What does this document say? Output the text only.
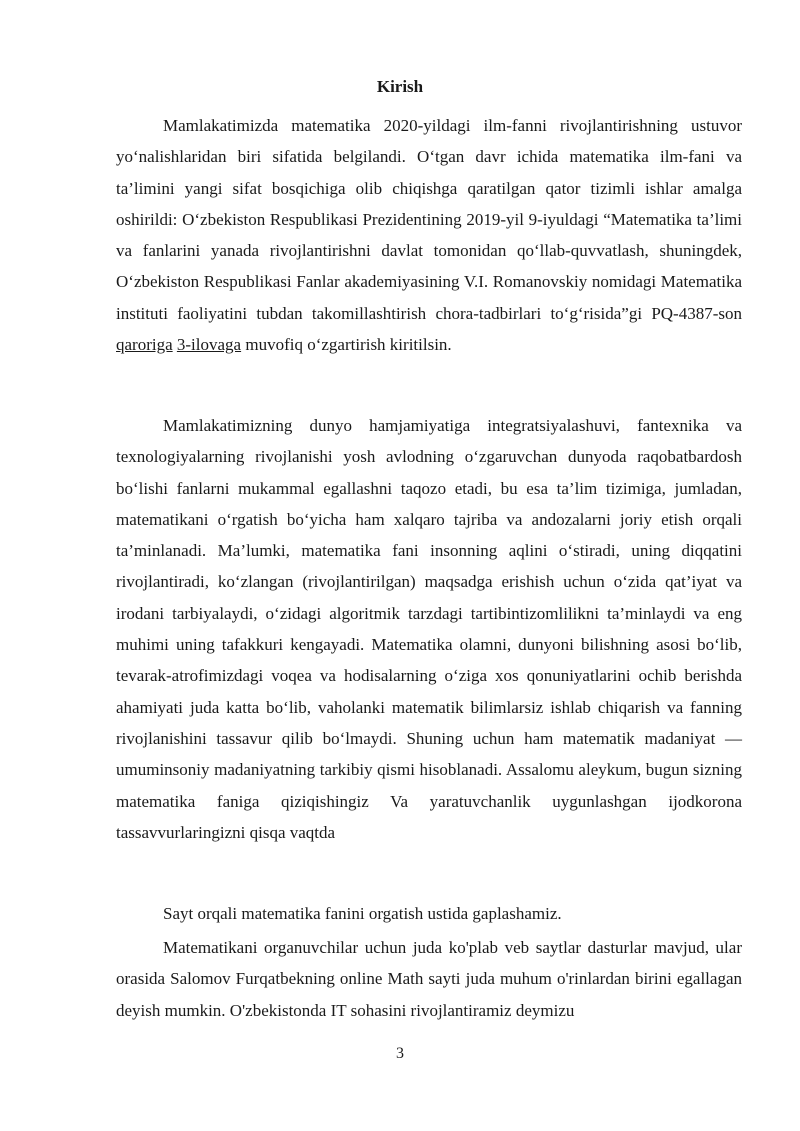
Kirish

Mamlakatimizda matematika 2020-yildagi ilm-fanni rivojlantirishning ustuvor yo‘nalishlaridan biri sifatida belgilandi. O‘tgan davr ichida matematika ilm-fani va ta’limini yangi sifat bosqichiga olib chiqishga qaratilgan qator tizimli ishlar amalga oshirildi: O‘zbekiston Respublikasi Prezidentining 2019-yil 9-iyuldagi “Matematika ta’limi va fanlarini yanada rivojlantirishni davlat tomonidan qo‘llab-quvvatlash, shuningdek, O‘zbekiston Respublikasi Fanlar akademiyasining V.I. Romanovskiy nomidagi Matematika instituti faoliyatini tubdan takomillashtirish chora-tadbirlari to‘g‘risida”gi PQ-4387-son qaroriga 3-ilovaga muvofiq o‘zgartirish kiritilsin.

Mamlakatimizning dunyo hamjamiyatiga integratsiyalashuvi, fantexnika va texnologiyalarning rivojlanishi yosh avlodning o‘zgaruvchan dunyoda raqobatbardosh bo‘lishi fanlarni mukammal egallashni taqozo etadi, bu esa ta’lim tizimiga, jumladan, matematikani o‘rgatish bo‘yicha ham xalqaro tajriba va andozalarni joriy etish orqali ta’minlanadi. Ma’lumki, matematika fani insonning aqlini o‘stiradi, uning diqqatini rivojlantiradi, ko‘zlangan (rivojlantirilgan) maqsadga erishish uchun o‘zida qat’iyat va irodani tarbiyalaydi, o‘zidagi algoritmik tarzdagi tartibintizomlilikni ta’minlaydi va eng muhimi uning tafakkuri kengayadi. Matematika olamni, dunyoni bilishning asosi bo‘lib, tevarak-atrofimizdagi voqea va hodisalarning o‘ziga xos qonuniyatlarini ochib berishda ahamiyati juda katta bo‘lib, vaholanki matematik bilimlarsiz ishlab chiqarish va fanning rivojlanishini tassavur qilib bo‘lmaydi. Shuning uchun ham matematik madaniyat — umuminsoniy madaniyatning tarkibiy qismi hisoblanadi. Assalomu aleykum, bugun sizning matematika faniga qiziqishingiz Va yaratuvchanlik uygunlashgan ijodkorona tassavvurlaringizni qisqa vaqtda

Sayt orqali matematika fanini orgatish ustida gaplashamiz.

Matematikani organuvchilar uchun juda ko'plab veb saytlar dasturlar mavjud, ular orasida Salomov Furqatbekning online Math sayti juda muhum o'rinlardan birini egallagan deyish mumkin. O'zbekistonda IT sohasini rivojlantiramiz deymizu

3
